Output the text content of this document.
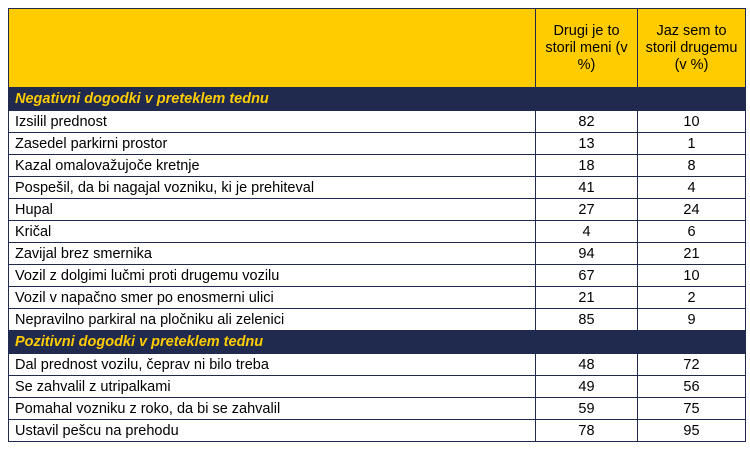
	Drugi je to storil meni (v %)	Jaz sem to storil drugemu (v %)
Negativni dogodki v preteklem tednu		
Izsilil prednost	82	10
Zasedel parkirni prostor	13	1
Kazal omalovažujoče kretnje	18	8
Pospešil, da bi nagajal vozniku, ki je prehiteval	41	4
Hupal	27	24
Kričal	4	6
Zavijal brez smernika	94	21
Vozil z dolgimi lučmi proti drugemu vozilu	67	10
Vozil v napačno smer po enosmerni ulici	21	2
Nepravilno parkiral na pločniku ali zelenici	85	9
Pozitivni dogodki v preteklem tednu		
Dal prednost vozilu, čeprav ni bilo treba	48	72
Se zahvalil z utripalkami	49	56
Pomahal vozniku z roko, da bi se zahvalil	59	75
Ustavil pešcu na prehodu	78	95
